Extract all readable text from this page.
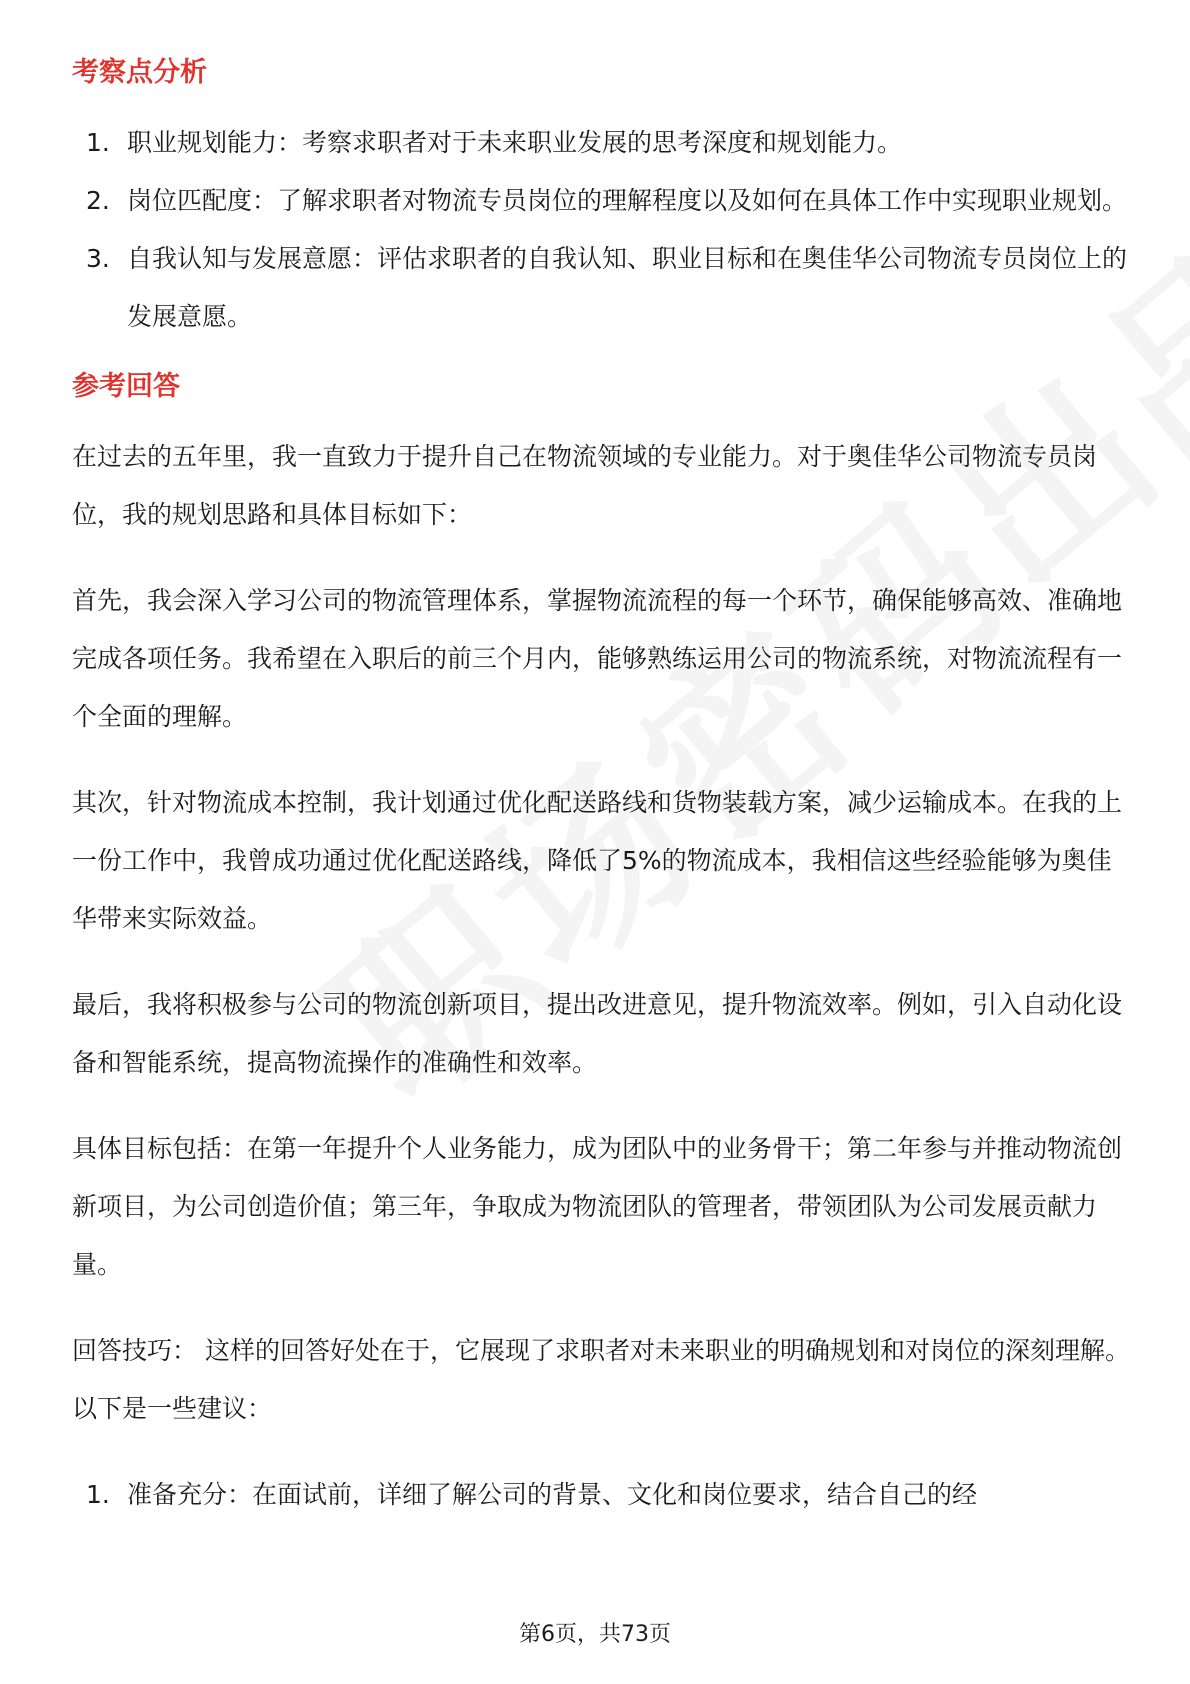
考察点分析
1. 职业规划能力：考察求职者对于未来职业发展的思考深度和规划能力。
2. 岗位匹配度：了解求职者对物流专员岗位的理解程度以及如何在具体工作中实现职业规划。
3. 自我认知与发展意愿：评估求职者的自我认知、职业目标和在奥佳华公司物流专员岗位上的发展意愿。
参考回答

在过去的五年里，我一直致力于提升自己在物流领域的专业能力。对于奥佳华公司物流专员岗位，我的规划思路和具体目标如下：

首先，我会深入学习公司的物流管理体系，掌握物流流程的每一个环节，确保能够高效、准确地完成各项任务。我希望在入职后的前三个月内，能够熟练运用公司的物流系统，对物流流程有一个全面的理解。

其次，针对物流成本控制，我计划通过优化配送路线和货物装载方案，减少运输成本。在我的上一份工作中，我曾成功通过优化配送路线，降低了5%的物流成本，我相信这些经验能够为奥佳华带来实际效益。

最后，我将积极参与公司的物流创新项目，提出改进意见，提升物流效率。例如，引入自动化设备和智能系统，提高物流操作的准确性和效率。

具体目标包括：在第一年提升个人业务能力，成为团队中的业务骨干；第二年参与并推动物流创新项目，为公司创造价值；第三年，争取成为物流团队的管理者，带领团队为公司发展贡献力量。

回答技巧： 这样的回答好处在于，它展现了求职者对未来职业的明确规划和对岗位的深刻理解。以下是一些建议：

1. 准备充分：在面试前，详细了解公司的背景、文化和岗位要求，结合自己的经
第6页，共73页
